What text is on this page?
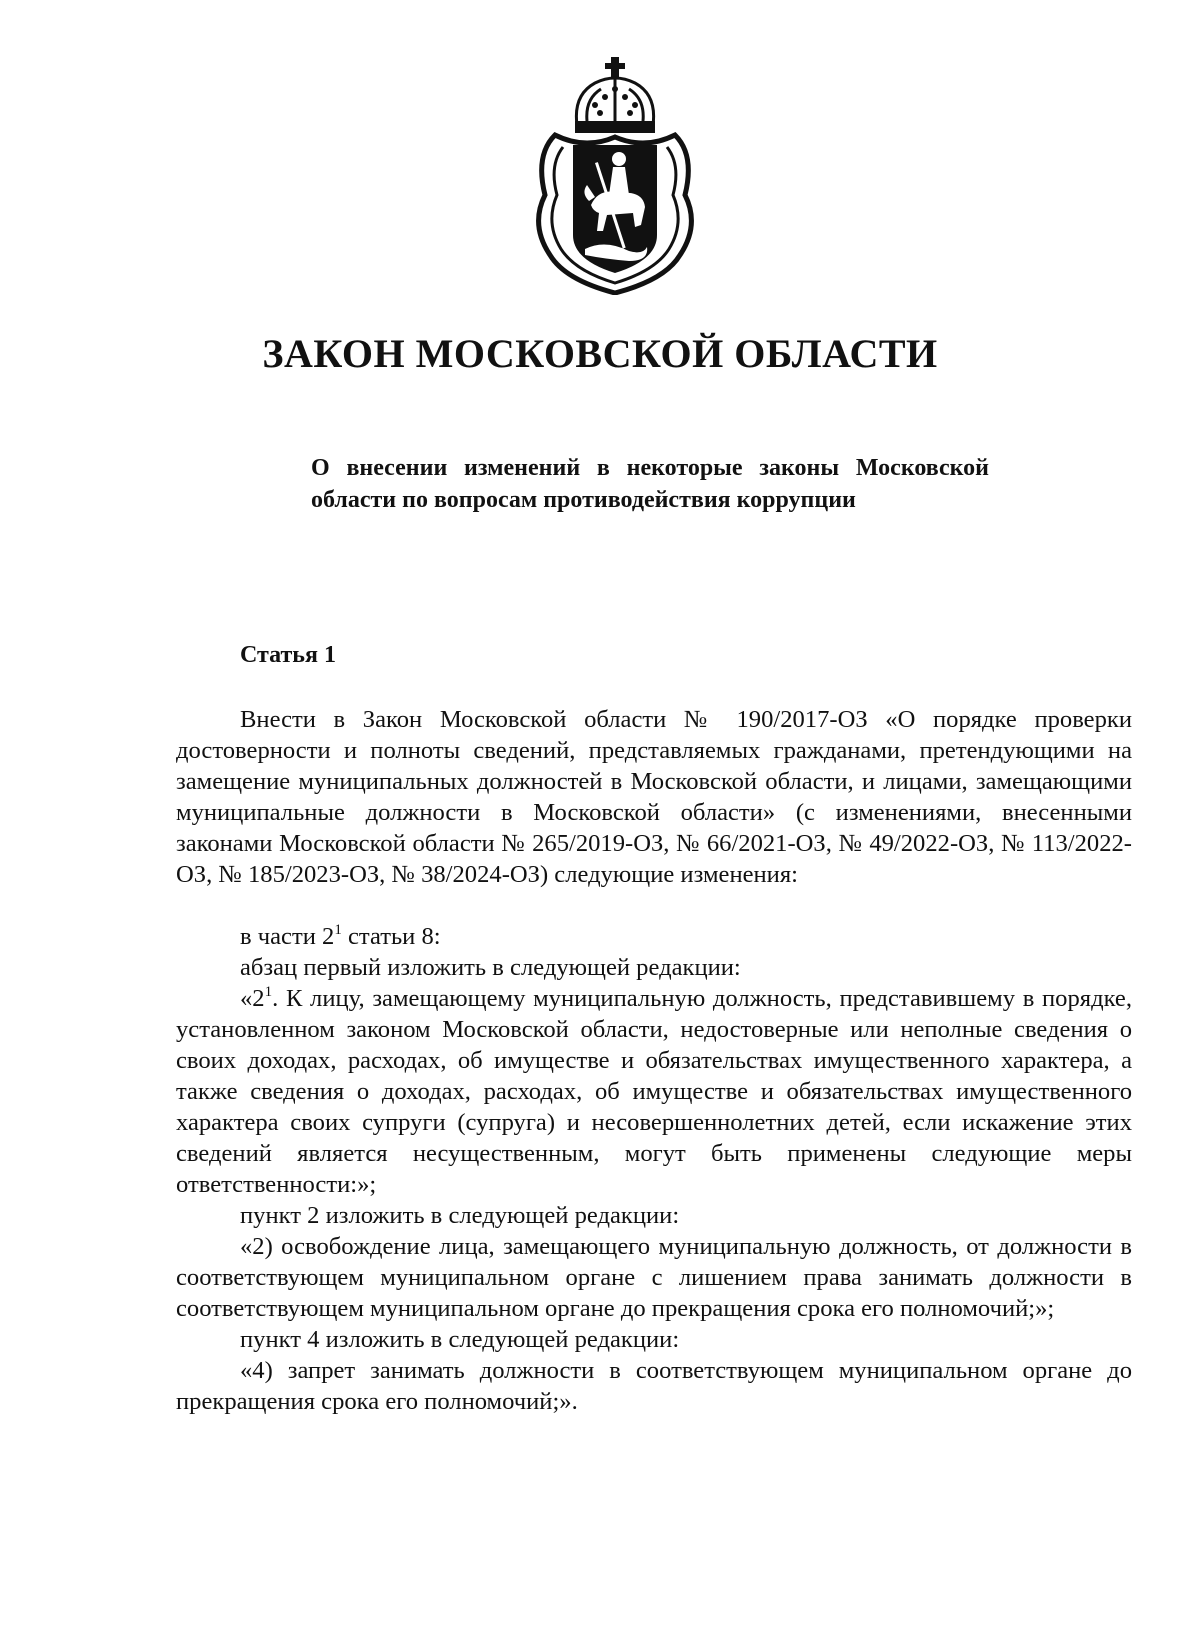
ЗАКОН МОСКОВСКОЙ ОБЛАСТИ
О внесении изменений в некоторые законы Московской области по вопросам противодействия коррупции
Статья 1

Внести в Закон Московской области № 190/2017-ОЗ «О порядке проверки достоверности и полноты сведений, представляемых гражданами, претендующими на замещение муниципальных должностей в Московской области, и лицами, замещающими муниципальные должности в Московской области» (с изменениями, внесенными законами Московской области № 265/2019-ОЗ, № 66/2021-ОЗ, № 49/2022-ОЗ, № 113/2022-ОЗ, № 185/2023-ОЗ, № 38/2024-ОЗ) следующие изменения:

в части $2^1$ статьи 8:

абзац первый изложить в следующей редакции:

«$2^1$. К лицу, замещающему муниципальную должность, представившему в порядке, установленном законом Московской области, недостоверные или неполные сведения о своих доходах, расходах, об имуществе и обязательствах имущественного характера, а также сведения о доходах, расходах, об имуществе и обязательствах имущественного характера своих супруги (супруга) и несовершеннолетних детей, если искажение этих сведений является несущественным, могут быть применены следующие меры ответственности:»;

пункт 2 изложить в следующей редакции:

«2) освобождение лица, замещающего муниципальную должность, от должности в соответствующем муниципальном органе с лишением права занимать должности в соответствующем муниципальном органе до прекращения срока его полномочий;»;

пункт 4 изложить в следующей редакции:

«4) запрет занимать должности в соответствующем муниципальном органе до прекращения срока его полномочий;».
